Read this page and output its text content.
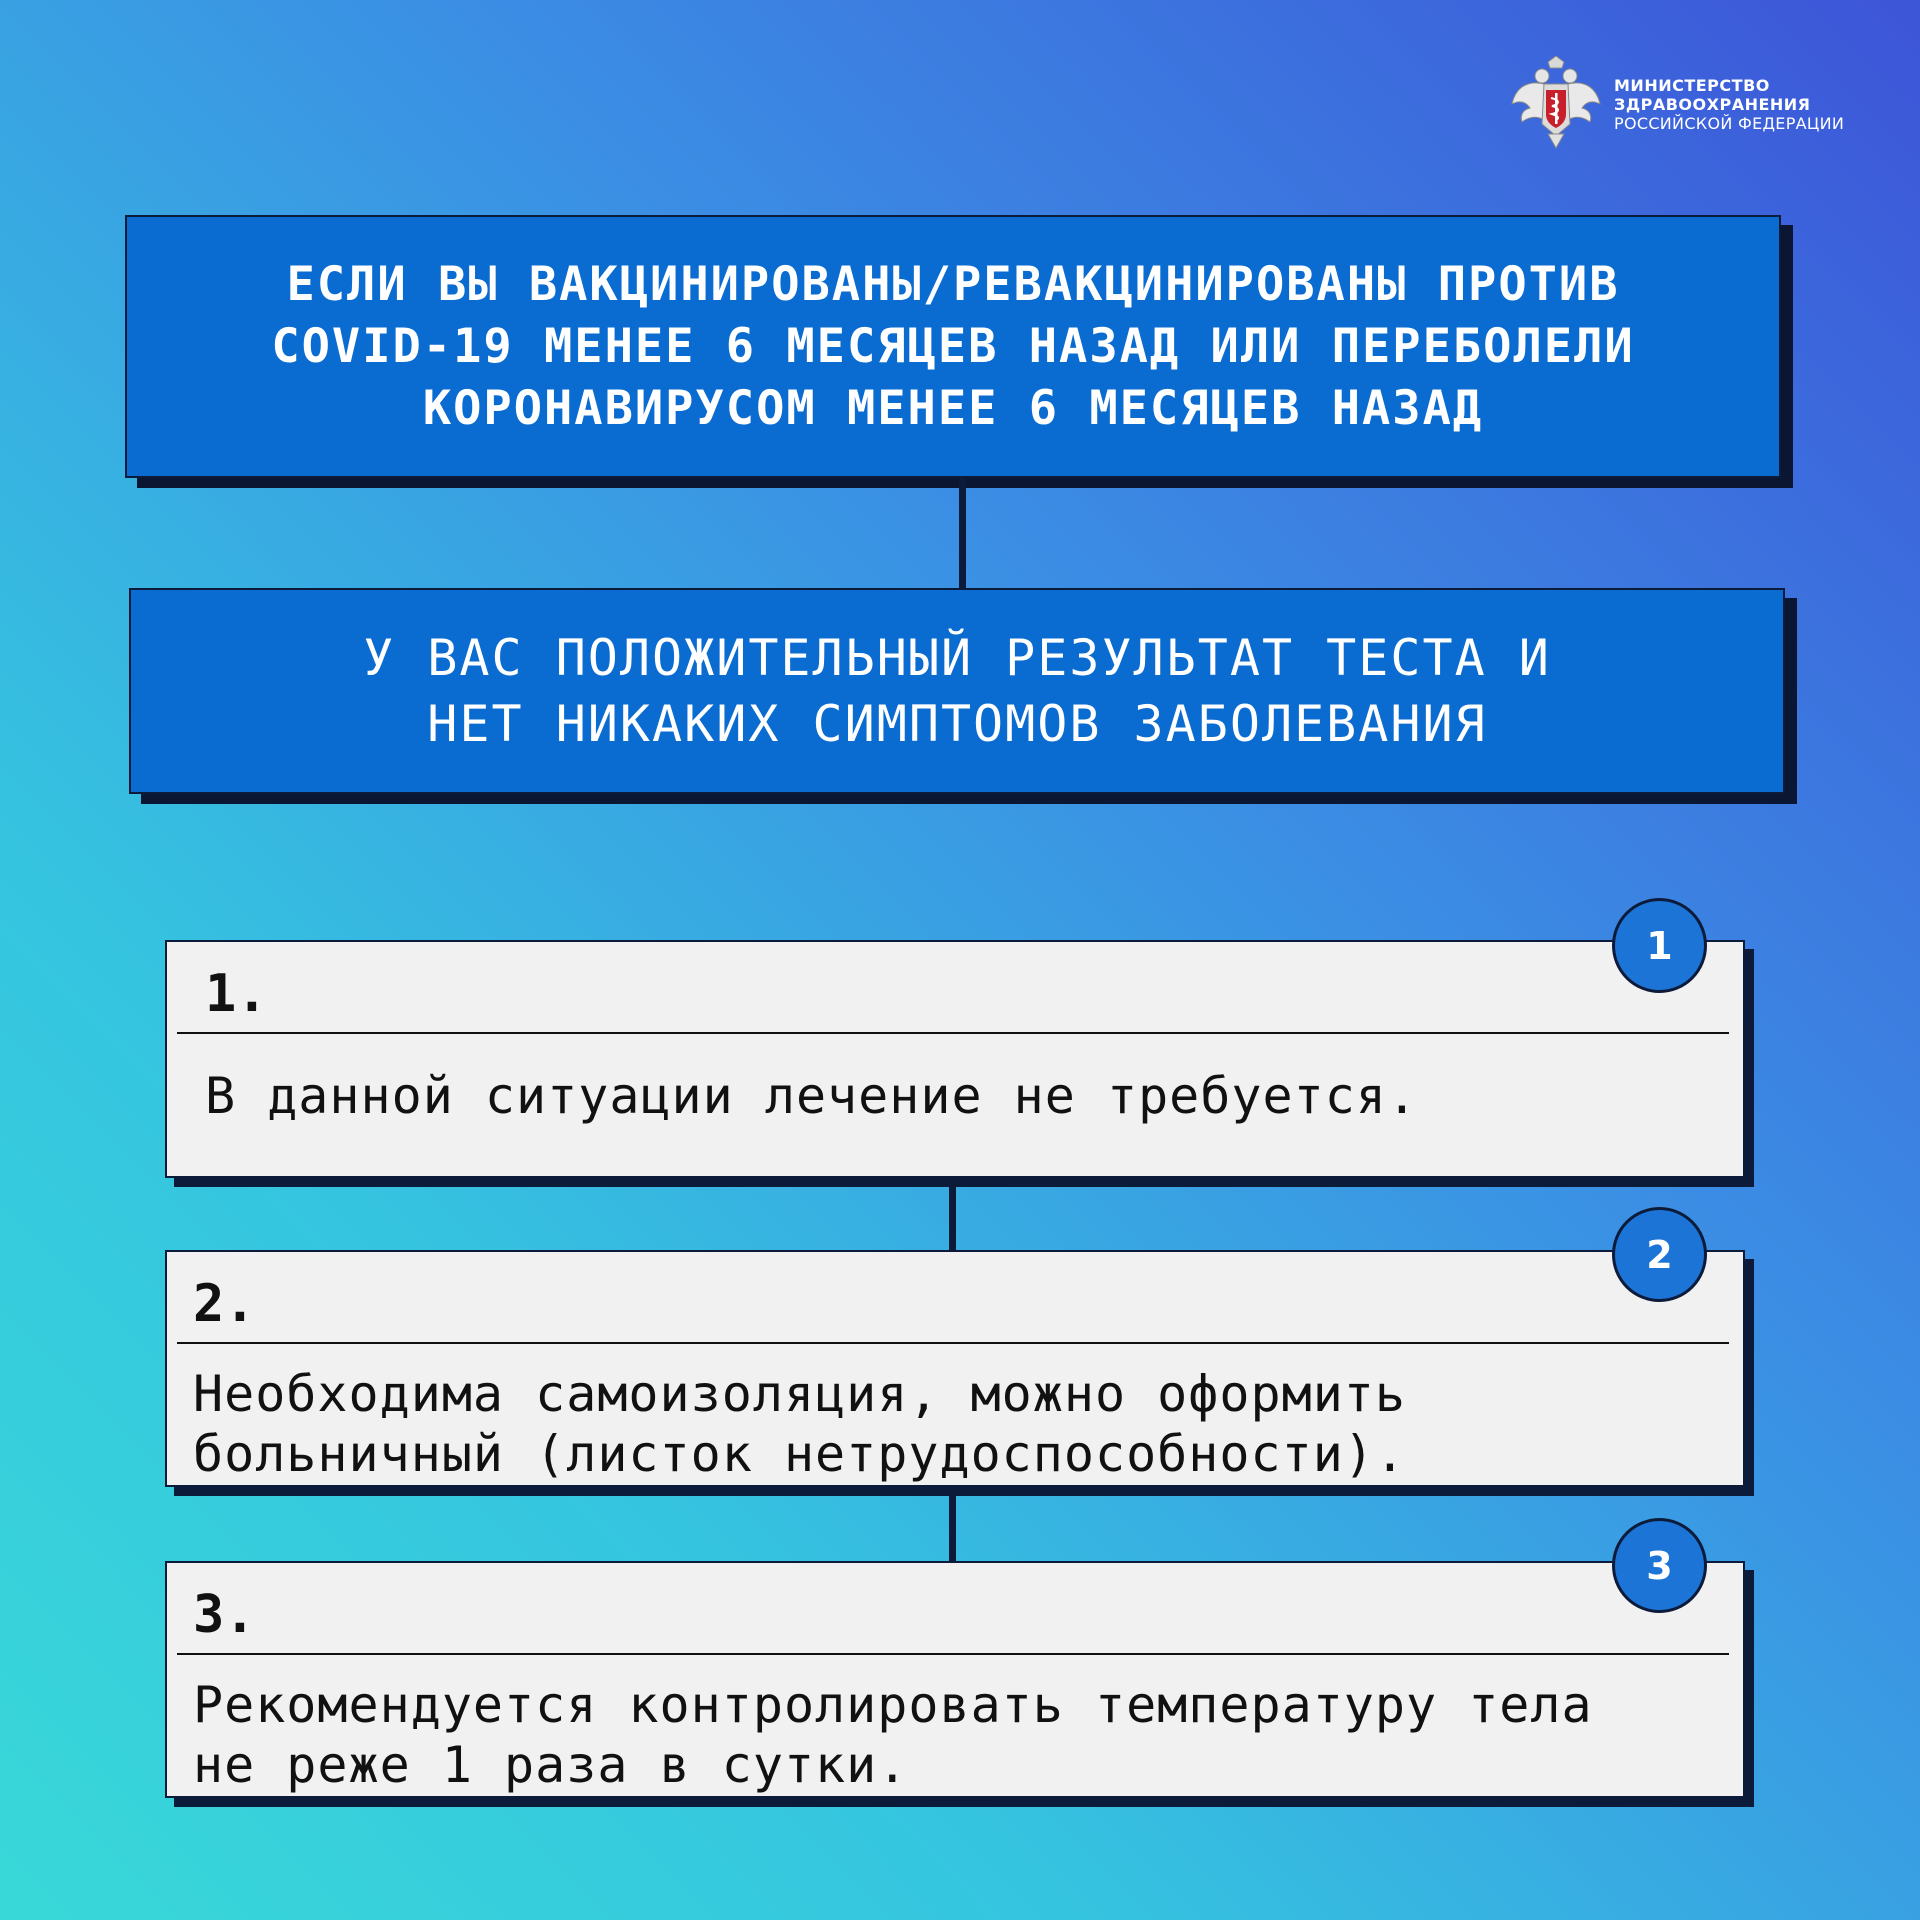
МИНИСТЕРСТВО
ЗДРАВООХРАНЕНИЯ
РОССИЙСКОЙ ФЕДЕРАЦИИ
ЕСЛИ ВЫ ВАКЦИНИРОВАНЫ/РЕВАКЦИНИРОВАНЫ ПРОТИВ
COVID-19 МЕНЕЕ 6 МЕСЯЦЕВ НАЗАД ИЛИ ПЕРЕБОЛЕЛИ
КОРОНАВИРУСОМ МЕНЕЕ 6 МЕСЯЦЕВ НАЗАД
У ВАС ПОЛОЖИТЕЛЬНЫЙ РЕЗУЛЬТАТ ТЕСТА И
НЕТ НИКАКИХ СИМПТОМОВ ЗАБОЛЕВАНИЯ
1.
В данной ситуации лечение не требуется.
1
2.
Необходима самоизоляция, можно оформить
больничный (листок нетрудоспособности).
2
3.
Рекомендуется контролировать температуру тела
не реже 1 раза в сутки.
3
